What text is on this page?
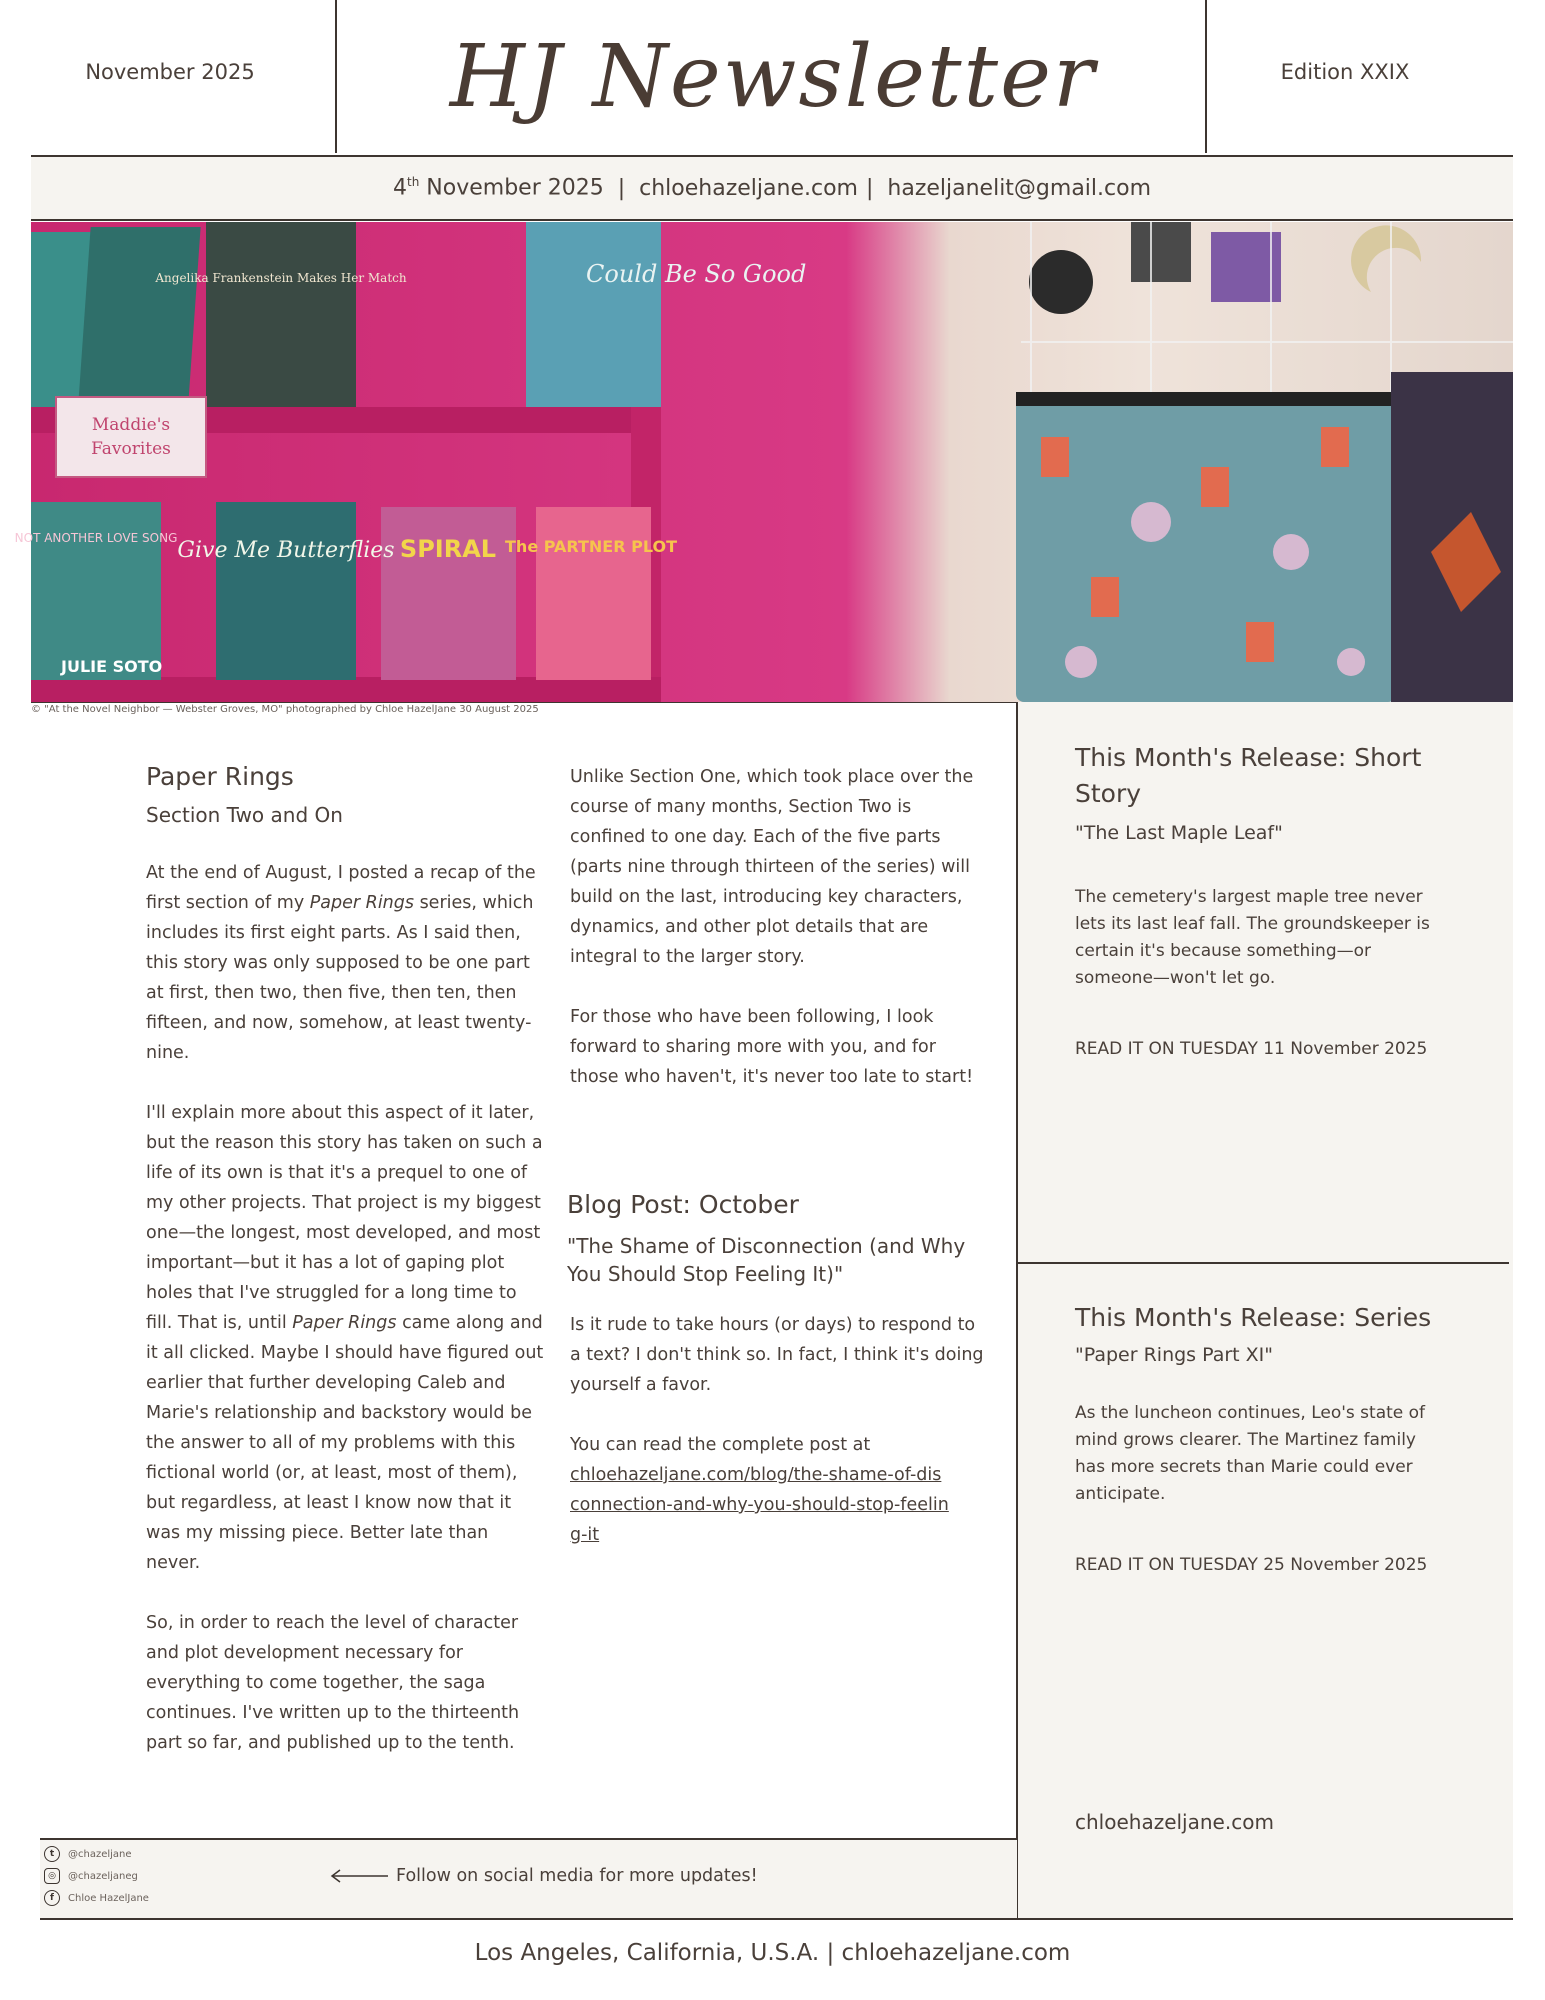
November 2025	HJ Newsletter	Edition XXIX
4th November 2025 | chloehazeljane.com | hazeljanelit@gmail.com
Maddie's
Favorites
Could Be So Good
Give Me Butterflies SPIRAL The PARTNER PLOT
Angelika Frankenstein Makes Her Match
NOT ANOTHER LOVE SONG
JULIE SOTO
© "At the Novel Neighbor — Webster Groves, MO" photographed by Chloe HazelJane 30 August 2025
Paper Rings
Section Two and On

At the end of August, I posted a recap of the first section of my Paper Rings series, which includes its first eight parts. As I said then, this story was only supposed to be one part at first, then two, then five, then ten, then fifteen, and now, somehow, at least twenty-nine.

I'll explain more about this aspect of it later, but the reason this story has taken on such a life of its own is that it's a prequel to one of my other projects. That project is my biggest one—the longest, most developed, and most important—but it has a lot of gaping plot holes that I've struggled for a long time to fill. That is, until Paper Rings came along and it all clicked. Maybe I should have figured out earlier that further developing Caleb and Marie's relationship and backstory would be the answer to all of my problems with this fictional world (or, at least, most of them), but regardless, at least I know now that it was my missing piece. Better late than never.

So, in order to reach the level of character and plot development necessary for everything to come together, the saga continues. I've written up to the thirteenth part so far, and published up to the tenth.

Unlike Section One, which took place over the course of many months, Section Two is confined to one day. Each of the five parts (parts nine through thirteen of the series) will build on the last, introducing key characters, dynamics, and other plot details that are integral to the larger story.

For those who have been following, I look forward to sharing more with you, and for those who haven't, it's never too late to start!

Blog Post: October
"The Shame of Disconnection (and Why You Should Stop Feeling It)"

Is it rude to take hours (or days) to respond to a text? I don't think so. In fact, I think it's doing yourself a favor.

You can read the complete post at

chloehazeljane.com/blog/the-shame-of-disconnection-and-why-you-should-stop-feeling-it
This Month's Release: Short Story
"The Last Maple Leaf"
The cemetery's largest maple tree never lets its last leaf fall. The groundskeeper is certain it's because something—or someone—won't let go.
READ IT ON TUESDAY 11 November 2025
This Month's Release: Series
"Paper Rings Part XI"
As the luncheon continues, Leo's state of mind grows clearer. The Martinez family has more secrets than Marie could ever anticipate.
READ IT ON TUESDAY 25 November 2025
chloehazeljane.com
t	@chazeljane
◎	@chazeljaneg
f	Chloe HazelJane
Follow on social media for more updates!
Los Angeles, California, U.S.A. | chloehazeljane.com
